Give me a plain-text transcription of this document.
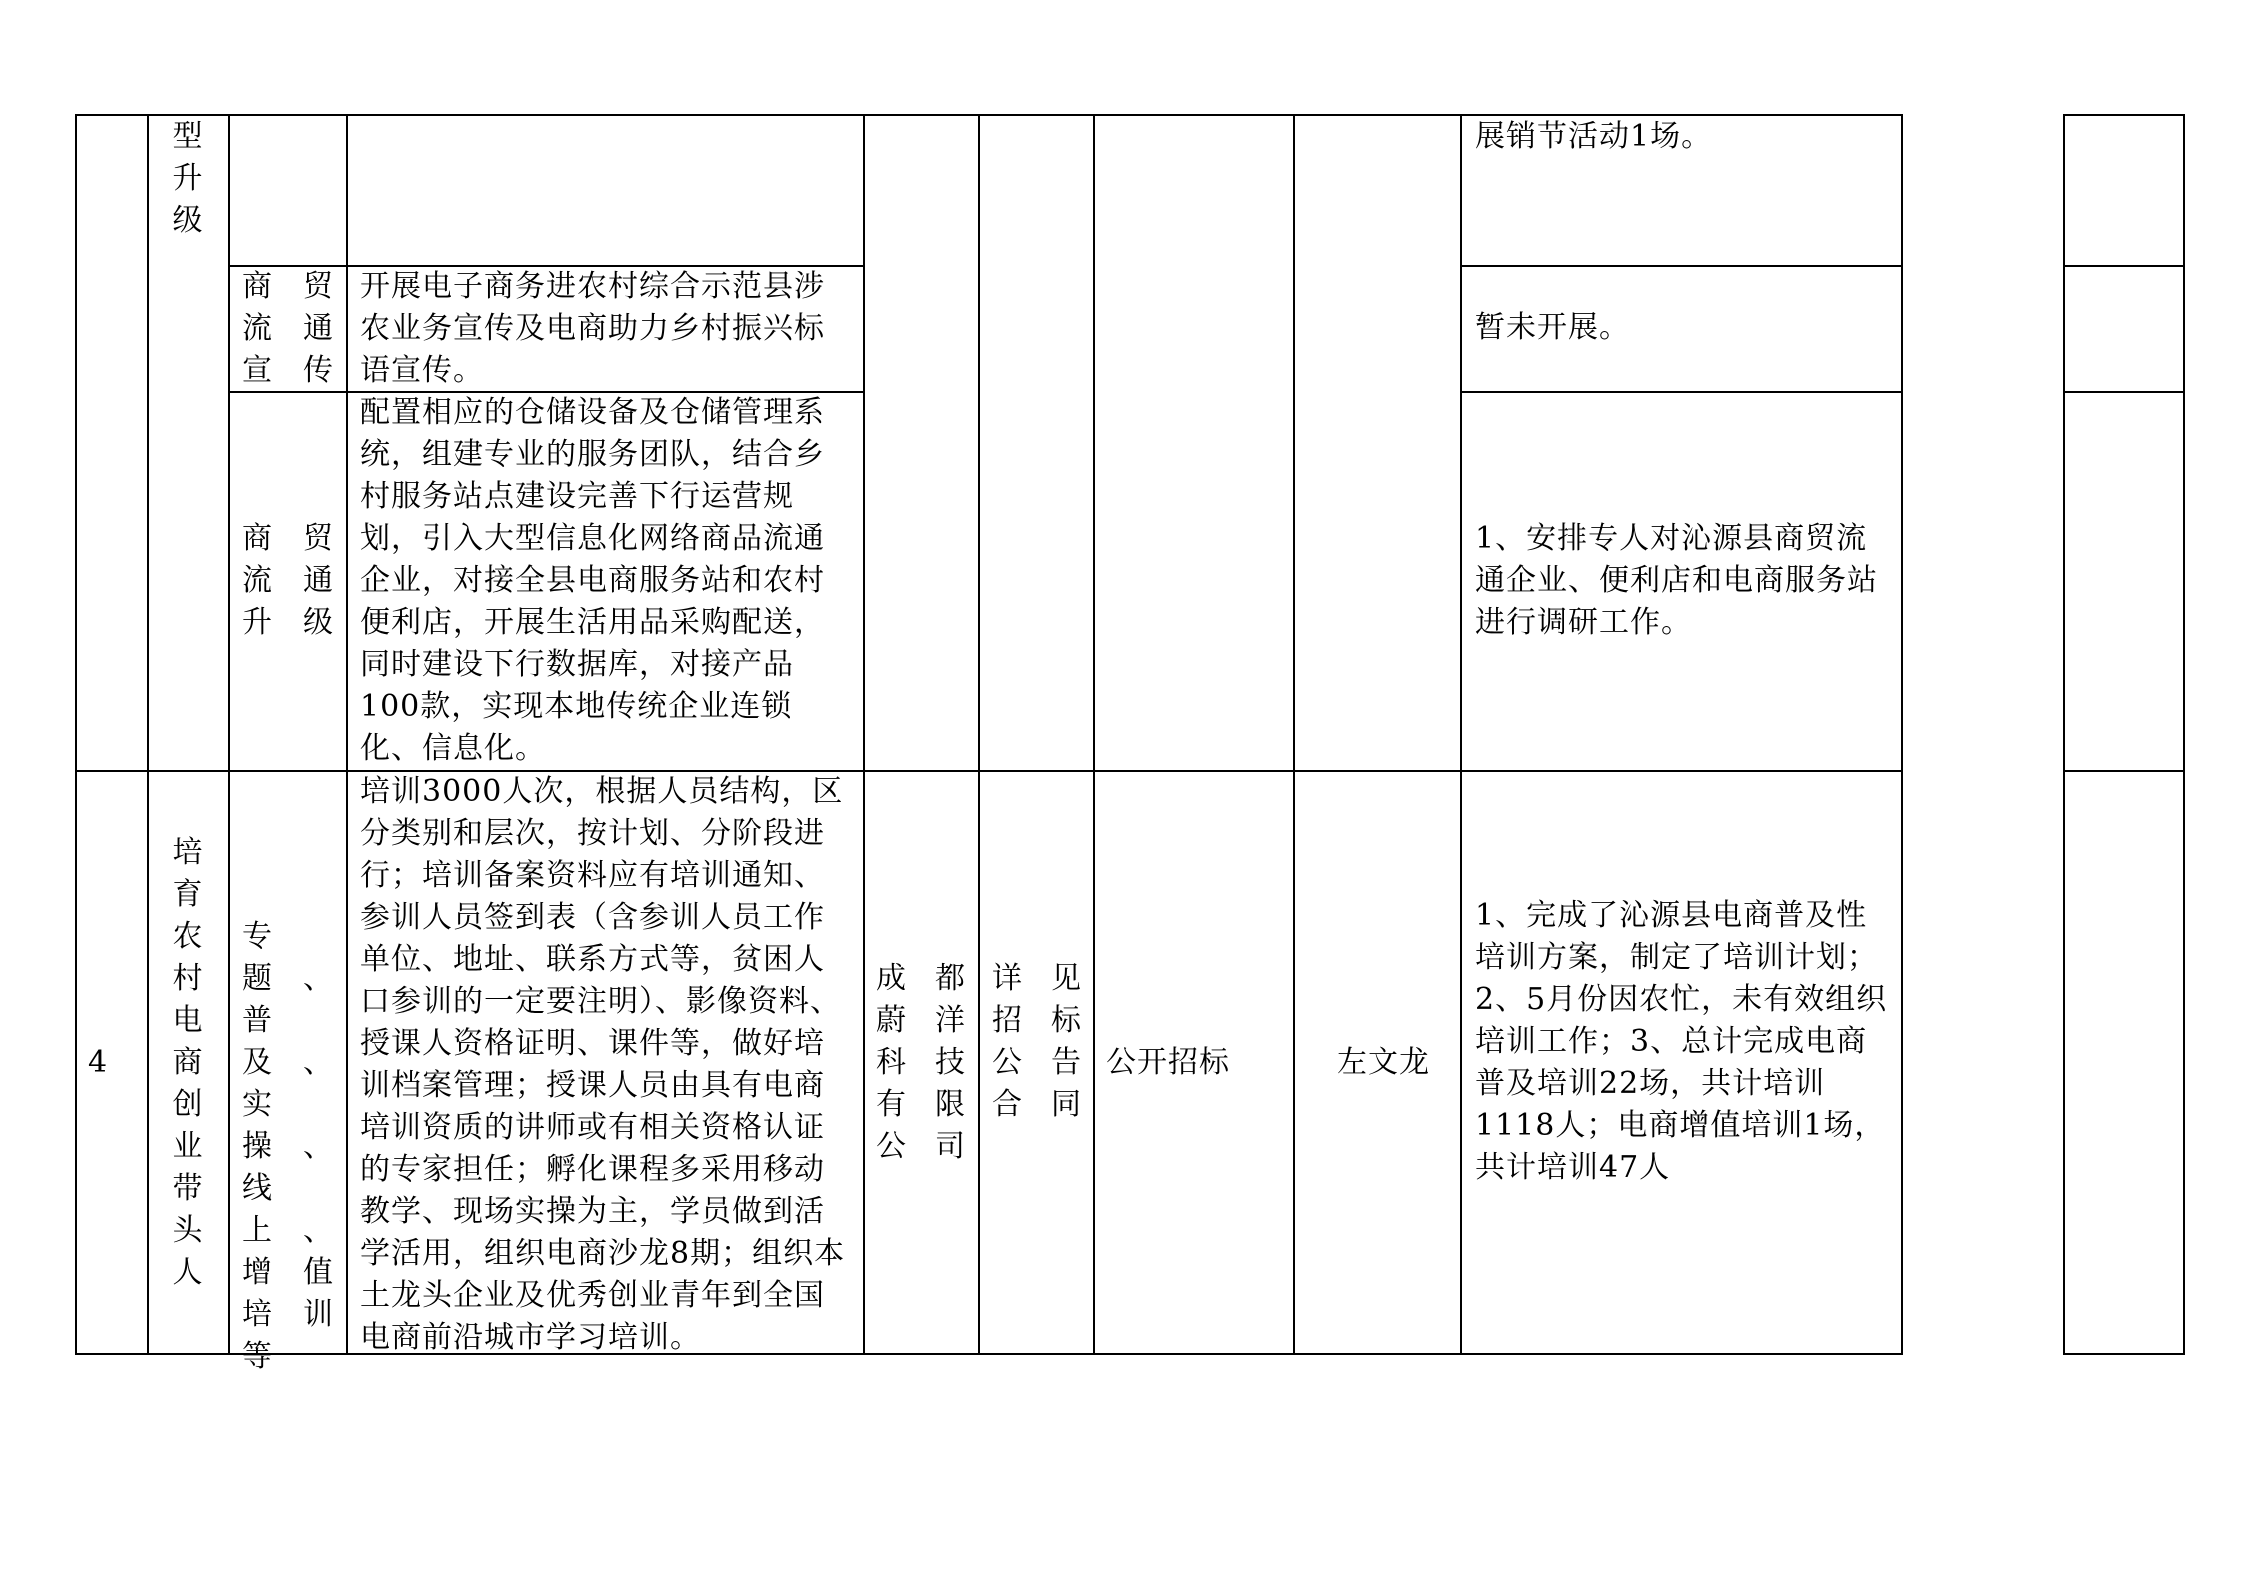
型
升
级
商贸流通宣传
开展电子商务进农村综合示范县涉农业务宣传及电商助力乡村振兴标语宣传。
展销节活动1场。
暂未开展。
商贸流通升级
配置相应的仓储设备及仓储管理系统，组建专业的服务团队，结合乡村服务站点建设完善下行运营规划，引入大型信息化网络商品流通企业，对接全县电商服务站和农村便利店，开展生活用品采购配送，同时建设下行数据库，对接产品100款，实现本地传统企业连锁化、信息化。
1、安排专人对沁源县商贸流通企业、便利店和电商服务站进行调研工作。
4
培
育
农
村
电
商
创
业
带
头
人
专题、普及、实操、线上、增值培训等
培训3000人次，根据人员结构，区分类别和层次，按计划、分阶段进行；培训备案资料应有培训通知、参训人员签到表（含参训人员工作单位、地址、联系方式等，贫困人口参训的一定要注明）、影像资料、授课人资格证明、课件等，做好培训档案管理；授课人员由具有电商培训资质的讲师或有相关资格认证的专家担任；孵化课程多采用移动教学、现场实操为主，学员做到活学活用，组织电商沙龙8期；组织本土龙头企业及优秀创业青年到全国电商前沿城市学习培训。
成都蔚洋科技有限公司
详见招标公告合同
公开招标	左文龙
1、完成了沁源县电商普及性培训方案，制定了培训计划；2、5月份因农忙，未有效组织培训工作；3、总计完成电商普及培训22场，共计培训1118人；电商增值培训1场，共计培训47人
